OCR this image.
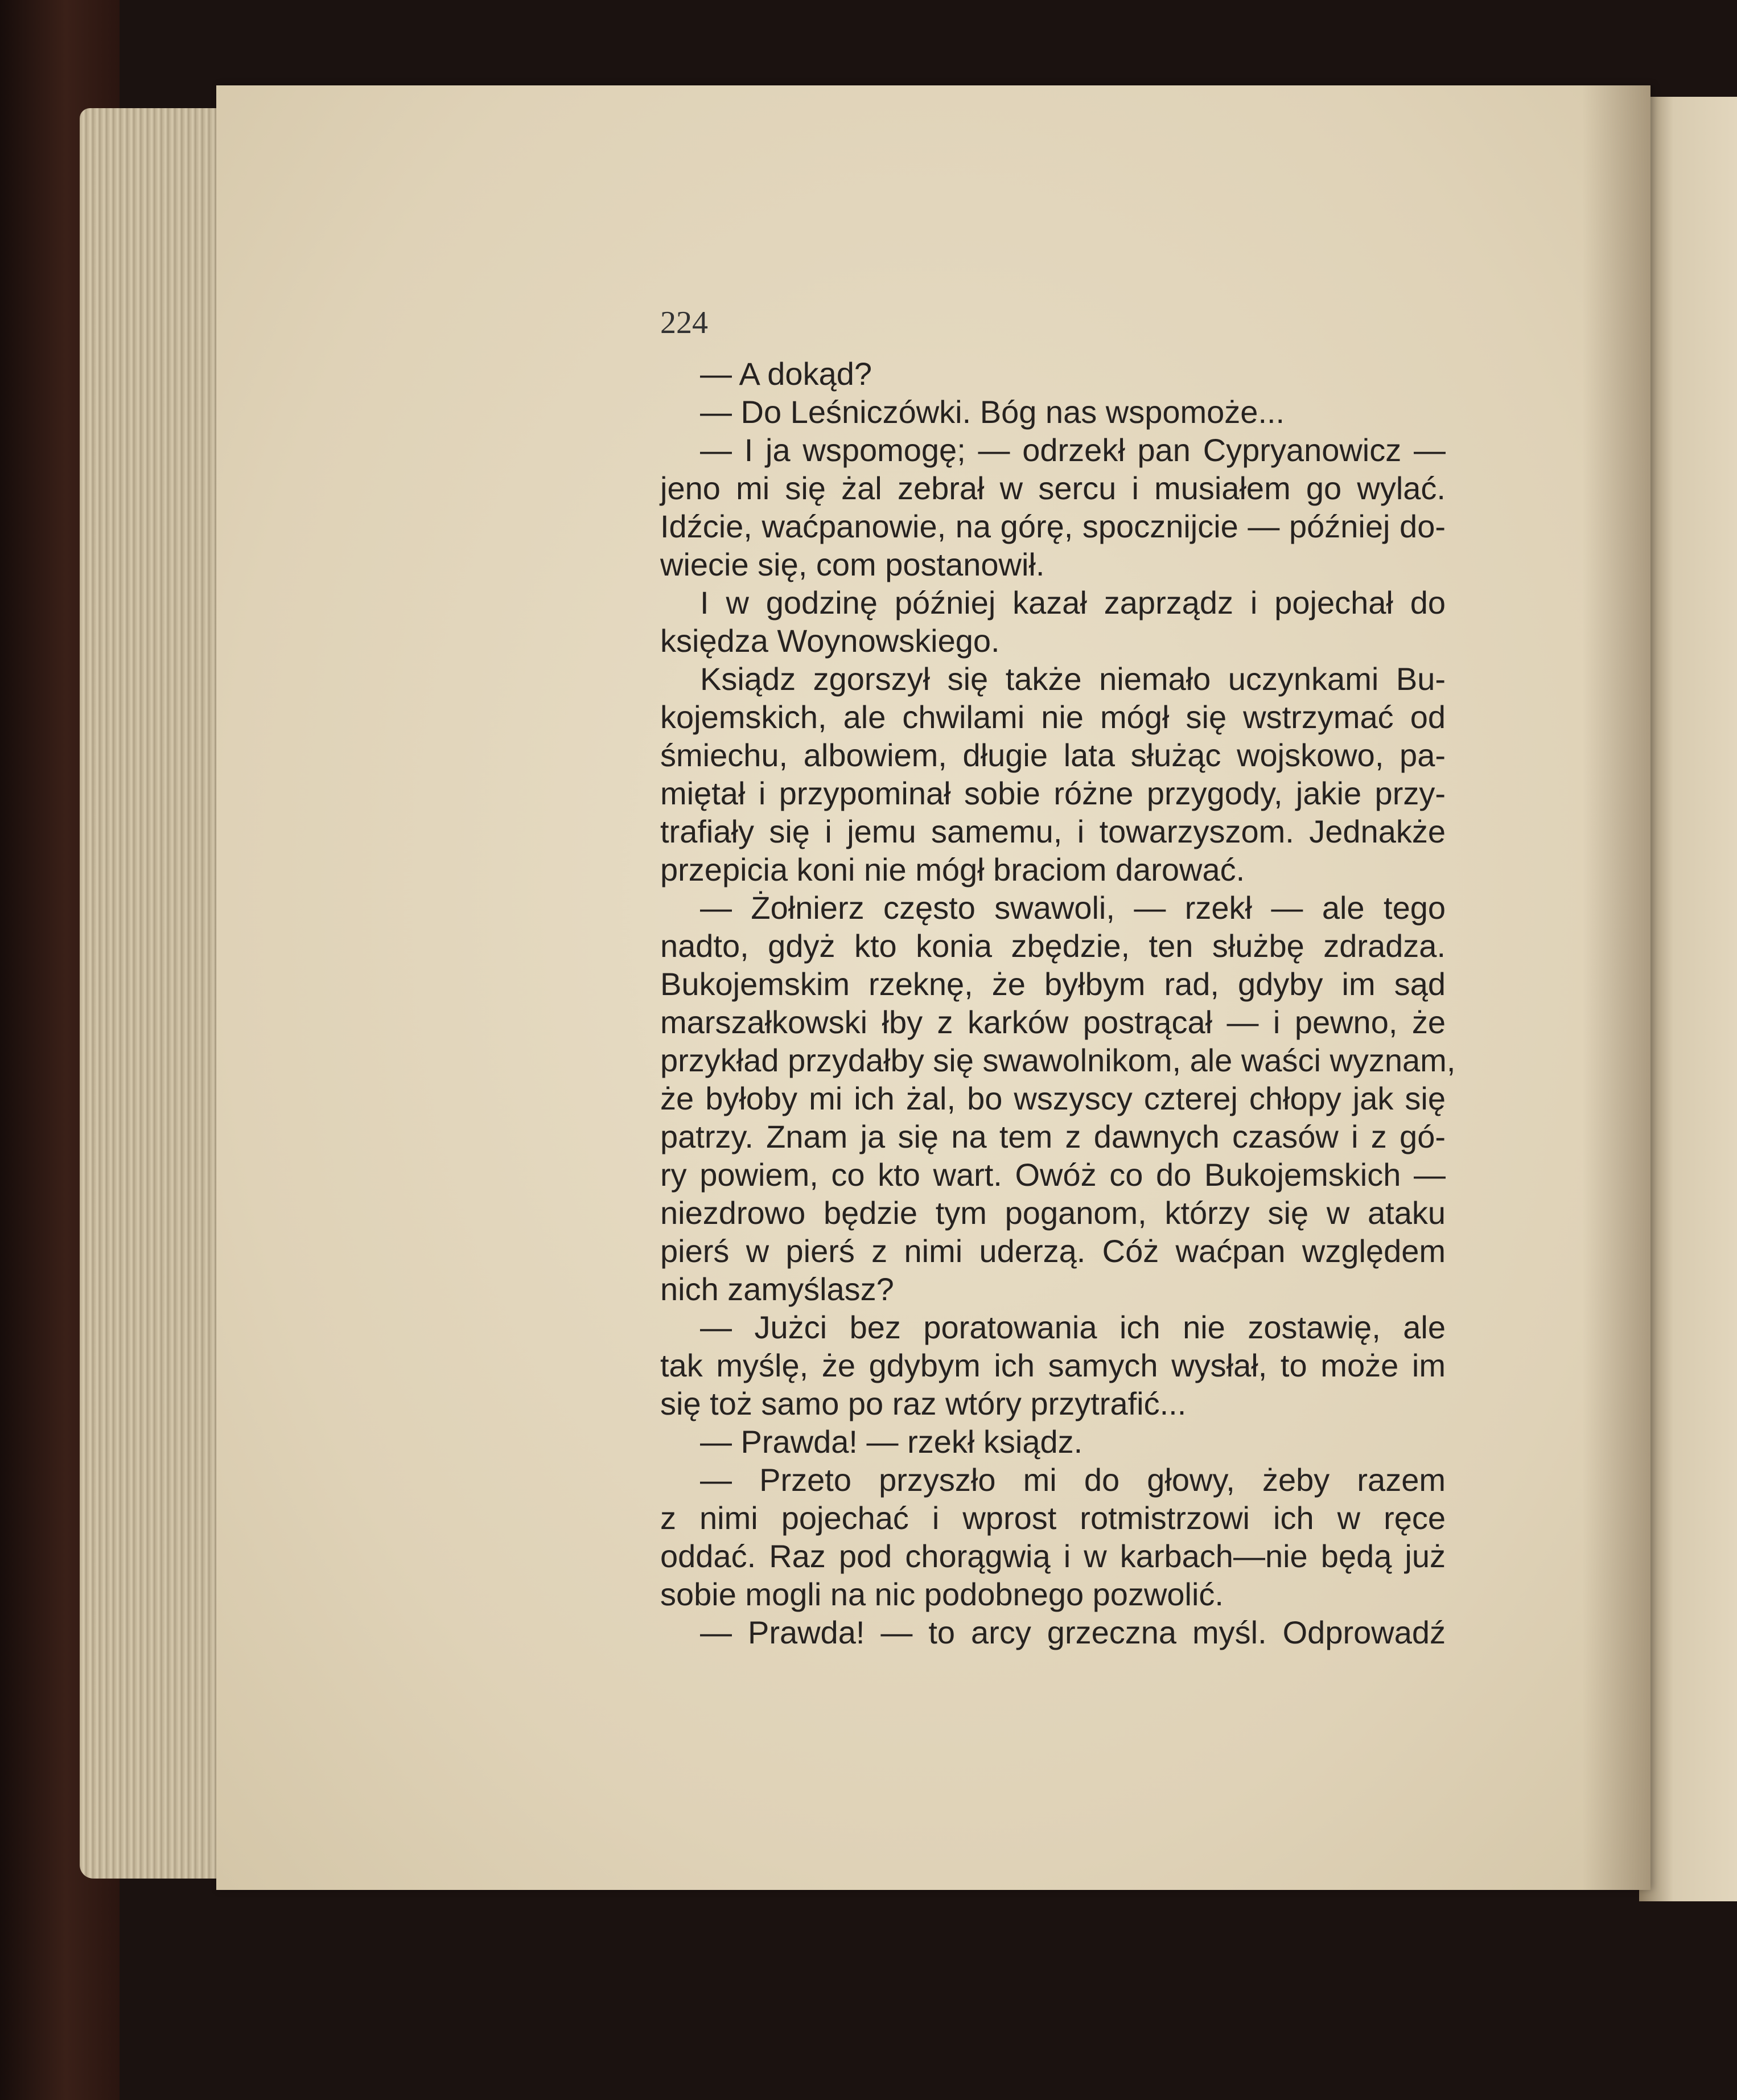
224
— A dokąd?
— Do Leśniczówki. Bóg nas wspomoże...
— I ja wspomogę; — odrzekł pan Cypryanowicz —
jeno mi się żal zebrał w sercu i musiałem go wylać.
Idźcie, waćpanowie, na górę, spocznijcie — później do-
wiecie się, com postanowił.
I w godzinę później kazał zaprządz i pojechał do
księdza Woynowskiego.
Ksiądz zgorszył się także niemało uczynkami Bu-
kojemskich, ale chwilami nie mógł się wstrzymać od
śmiechu, albowiem, długie lata służąc wojskowo, pa-
miętał i przypominał sobie różne przygody, jakie przy-
trafiały się i jemu samemu, i towarzyszom. Jednakże
przepicia koni nie mógł braciom darować.
— Żołnierz często swawoli, — rzekł — ale tego
nadto, gdyż kto konia zbędzie, ten służbę zdradza.
Bukojemskim rzeknę, że byłbym rad, gdyby im sąd
marszałkowski łby z karków postrącał — i pewno, że
przykład przydałby się swawolnikom, ale waści wyznam,
że byłoby mi ich żal, bo wszyscy czterej chłopy jak się
patrzy. Znam ja się na tem z dawnych czasów i z gó-
ry powiem, co kto wart. Owóż co do Bukojemskich —
niezdrowo będzie tym poganom, którzy się w ataku
pierś w pierś z nimi uderzą. Cóż waćpan względem
nich zamyślasz?
— Jużci bez poratowania ich nie zostawię, ale
tak myślę, że gdybym ich samych wysłał, to może im
się toż samo po raz wtóry przytrafić...
— Prawda! — rzekł ksiądz.
— Przeto przyszło mi do głowy, żeby razem
z nimi pojechać i wprost rotmistrzowi ich w ręce
oddać. Raz pod chorągwią i w karbach—nie będą już
sobie mogli na nic podobnego pozwolić.
— Prawda! — to arcy grzeczna myśl. Odprowadź
